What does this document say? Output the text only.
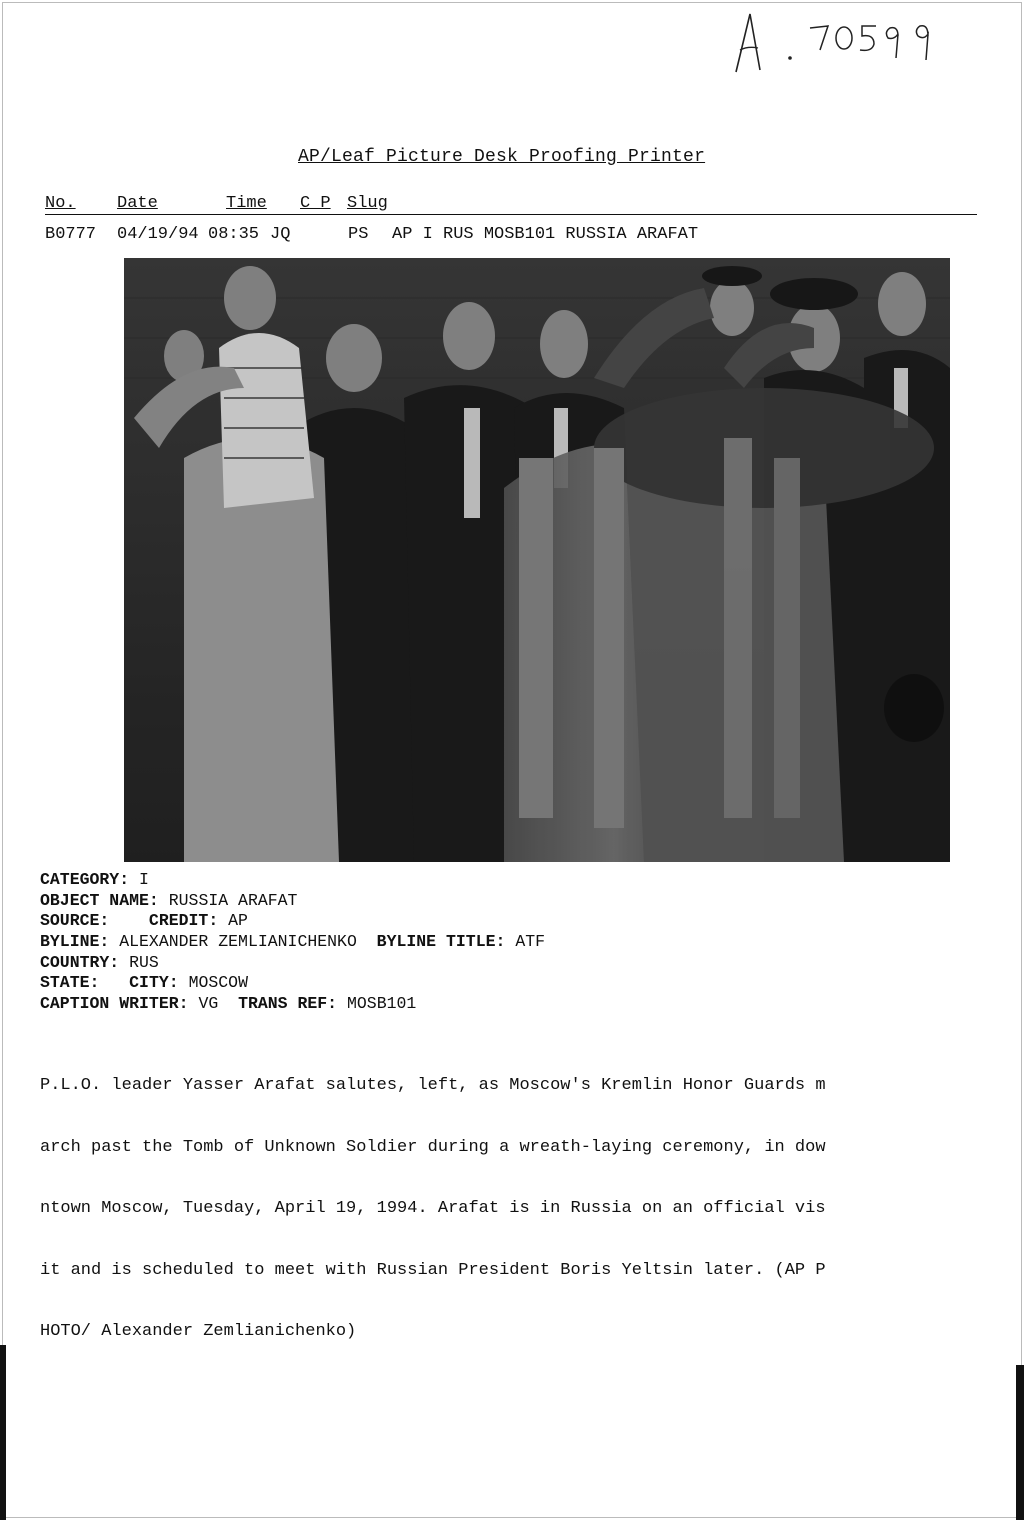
AP/Leaf Picture Desk Proofing Printer
No. Date	Time C P Slug

B0777

04/19/94

08:35

JQ

	PS

AP I RUS MOSB101 RUSSIA ARAFAT

CATEGORY: I
OBJECT NAME: RUSSIA ARAFAT
SOURCE: CREDIT: AP
BYLINE: ALEXANDER ZEMLIANICHENKO BYLINE TITLE: ATF
COUNTRY: RUS
STATE: CITY: MOSCOW
CAPTION WRITER: VG TRANS REF: MOSB101

P.L.O. leader Yasser Arafat salutes, left, as Moscow's Kremlin Honor Guards m

arch past the Tomb of Unknown Soldier during a wreath-laying ceremony, in dow

ntown Moscow, Tuesday, April 19, 1994. Arafat is in Russia on an official vis

it and is scheduled to meet with Russian President Boris Yeltsin later. (AP P

HOTO/ Alexander Zemlianichenko)
